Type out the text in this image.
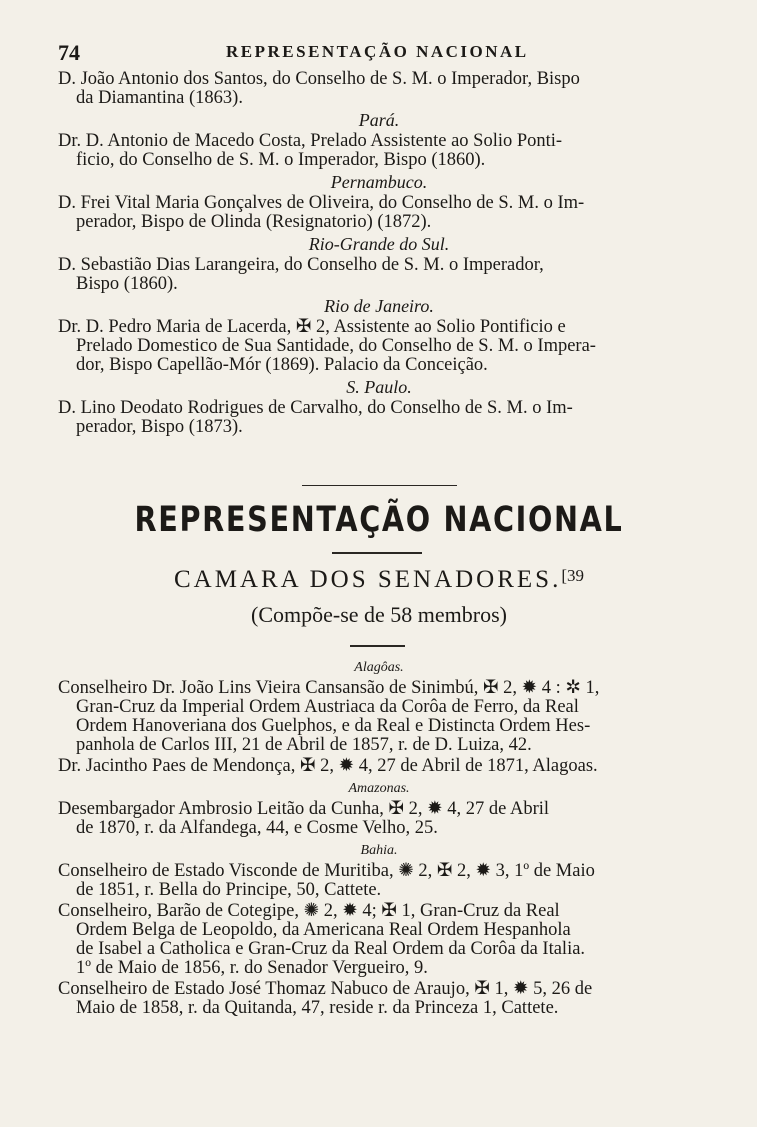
74	REPRESENTAÇÃO NACIONAL

D. João Antonio dos Santos, do Conselho de S. M. o Imperador, Bispo
da Diamantina (1863).

Pará.

Dr. D. Antonio de Macedo Costa, Prelado Assistente ao Solio Ponti-
ficio, do Conselho de S. M. o Imperador, Bispo (1860).

Pernambuco.

D. Frei Vital Maria Gonçalves de Oliveira, do Conselho de S. M. o Im-
perador, Bispo de Olinda (Resignatorio) (1872).

Rio-Grande do Sul.

D. Sebastião Dias Larangeira, do Conselho de S. M. o Imperador,
Bispo (1860).

Rio de Janeiro.

Dr. D. Pedro Maria de Lacerda, ✠ 2, Assistente ao Solio Pontificio e
Prelado Domestico de Sua Santidade, do Conselho de S. M. o Impera-
dor, Bispo Capellão-Mór (1869). Palacio da Conceição.

S. Paulo.

D. Lino Deodato Rodrigues de Carvalho, do Conselho de S. M. o Im-
perador, Bispo (1873).

REPRESENTAÇÃO NACIONAL
CAMARA DOS SENADORES.$^{[39}$
(Compõe-se de 58 membros)

Alagôas.

Conselheiro Dr. João Lins Vieira Cansansão de Sinimbú, ✠ 2, ✹ 4 : ✲ 1,
Gran-Cruz da Imperial Ordem Austriaca da Corôa de Ferro, da Real
Ordem Hanoveriana dos Guelphos, e da Real e Distincta Ordem Hes-
panhola de Carlos III, 21 de Abril de 1857, r. de D. Luiza, 42.

Dr. Jacintho Paes de Mendonça, ✠ 2, ✹ 4, 27 de Abril de 1871, Alagoas.

Amazonas.

Desembargador Ambrosio Leitão da Cunha, ✠ 2, ✹ 4, 27 de Abril
de 1870, r. da Alfandega, 44, e Cosme Velho, 25.

Bahia.

Conselheiro de Estado Visconde de Muritiba, ✺ 2, ✠ 2, ✹ 3, 1º de Maio
de 1851, r. Bella do Principe, 50, Cattete.

Conselheiro, Barão de Cotegipe, ✺ 2, ✹ 4; ✠ 1, Gran-Cruz da Real
Ordem Belga de Leopoldo, da Americana Real Ordem Hespanhola
de Isabel a Catholica e Gran-Cruz da Real Ordem da Corôa da Italia.
1º de Maio de 1856, r. do Senador Vergueiro, 9.

Conselheiro de Estado José Thomaz Nabuco de Araujo, ✠ 1, ✹ 5, 26 de
Maio de 1858, r. da Quitanda, 47, reside r. da Princeza 1, Cattete.
